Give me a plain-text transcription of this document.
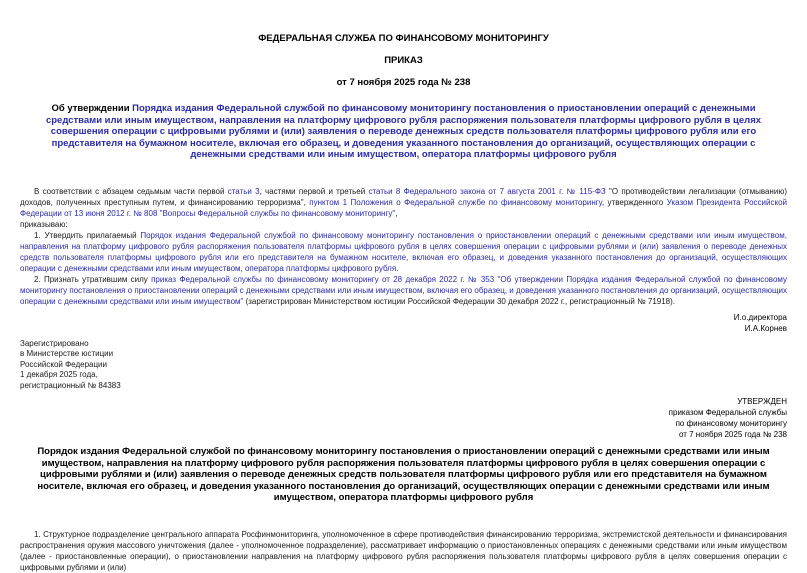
ФЕДЕРАЛЬНАЯ СЛУЖБА ПО ФИНАНСОВОМУ МОНИТОРИНГУ
ПРИКАЗ
от 7 ноября 2025 года № 238
Об утверждении Порядка издания Федеральной службой по финансовому мониторингу постановления о приостановлении операций с денежными средствами или иным имуществом, направления на платформу цифрового рубля распоряжения пользователя платформы цифрового рубля в целях совершения операции с цифровыми рублями и (или) заявления о переводе денежных средств пользователя платформы цифрового рубля или его представителя на бумажном носителе, включая его образец, и доведения указанного постановления до организаций, осуществляющих операции с денежными средствами или иным имуществом, оператора платформы цифрового рубля

В соответствии с абзацем седьмым части первой статьи 3, частями первой и третьей статьи 8 Федерального закона от 7 августа 2001 г. № 115-ФЗ "О противодействии легализации (отмыванию) доходов, полученных преступным путем, и финансированию терроризма", пунктом 1 Положения о Федеральной службе по финансовому мониторингу, утвержденного Указом Президента Российской Федерации от 13 июня 2012 г. № 808 "Вопросы Федеральной службы по финансовому мониторингу",

приказываю:

1. Утвердить прилагаемый Порядок издания Федеральной службой по финансовому мониторингу постановления о приостановлении операций с денежными средствами или иным имуществом, направления на платформу цифрового рубля распоряжения пользователя платформы цифрового рубля в целях совершения операции с цифровыми рублями и (или) заявления о переводе денежных средств пользователя платформы цифрового рубля или его представителя на бумажном носителе, включая его образец, и доведения указанного постановления до организаций, осуществляющих операции с денежными средствами или иным имуществом, оператора платформы цифрового рубля.

2. Признать утратившим силу приказ Федеральной службы по финансовому мониторингу от 28 декабря 2022 г. № 353 "Об утверждении Порядка издания Федеральной службой по финансовому мониторингу постановления о приостановлении операций с денежными средствами или иным имуществом, включая его образец, и доведения указанного постановления до организаций, осуществляющих операции с денежными средствами или иным имуществом" (зарегистрирован Министерством юстиции Российской Федерации 30 декабря 2022 г., регистрационный № 71918).

И.о.директора
И.А.Корнев
Зарегистрировано
в Министерстве юстиции
Российской Федерации
1 декабря 2025 года,
регистрационный № 84383
УТВЕРЖДЕН
приказом Федеральной службы
по финансовому мониторингу
от 7 ноября 2025 года № 238
Порядок издания Федеральной службой по финансовому мониторингу постановления о приостановлении операций с денежными средствами или иным имуществом, направления на платформу цифрового рубля распоряжения пользователя платформы цифрового рубля в целях совершения операции с цифровыми рублями и (или) заявления о переводе денежных средств пользователя платформы цифрового рубля или его представителя на бумажном носителе, включая его образец, и доведения указанного постановления до организаций, осуществляющих операции с денежными средствами или иным имуществом, оператора платформы цифрового рубля

1. Структурное подразделение центрального аппарата Росфинмониторинга, уполномоченное в сфере противодействия финансированию терроризма, экстремистской деятельности и финансирования распространения оружия массового уничтожения (далее - уполномоченное подразделение), рассматривает информацию о приостановленных операциях с денежными средствами или иным имуществом (далее - приостановленные операции), о приостановлении направления на платформу цифрового рубля распоряжения пользователя платформы цифрового рубля в целях совершения операции с цифровыми рублями и (или)
